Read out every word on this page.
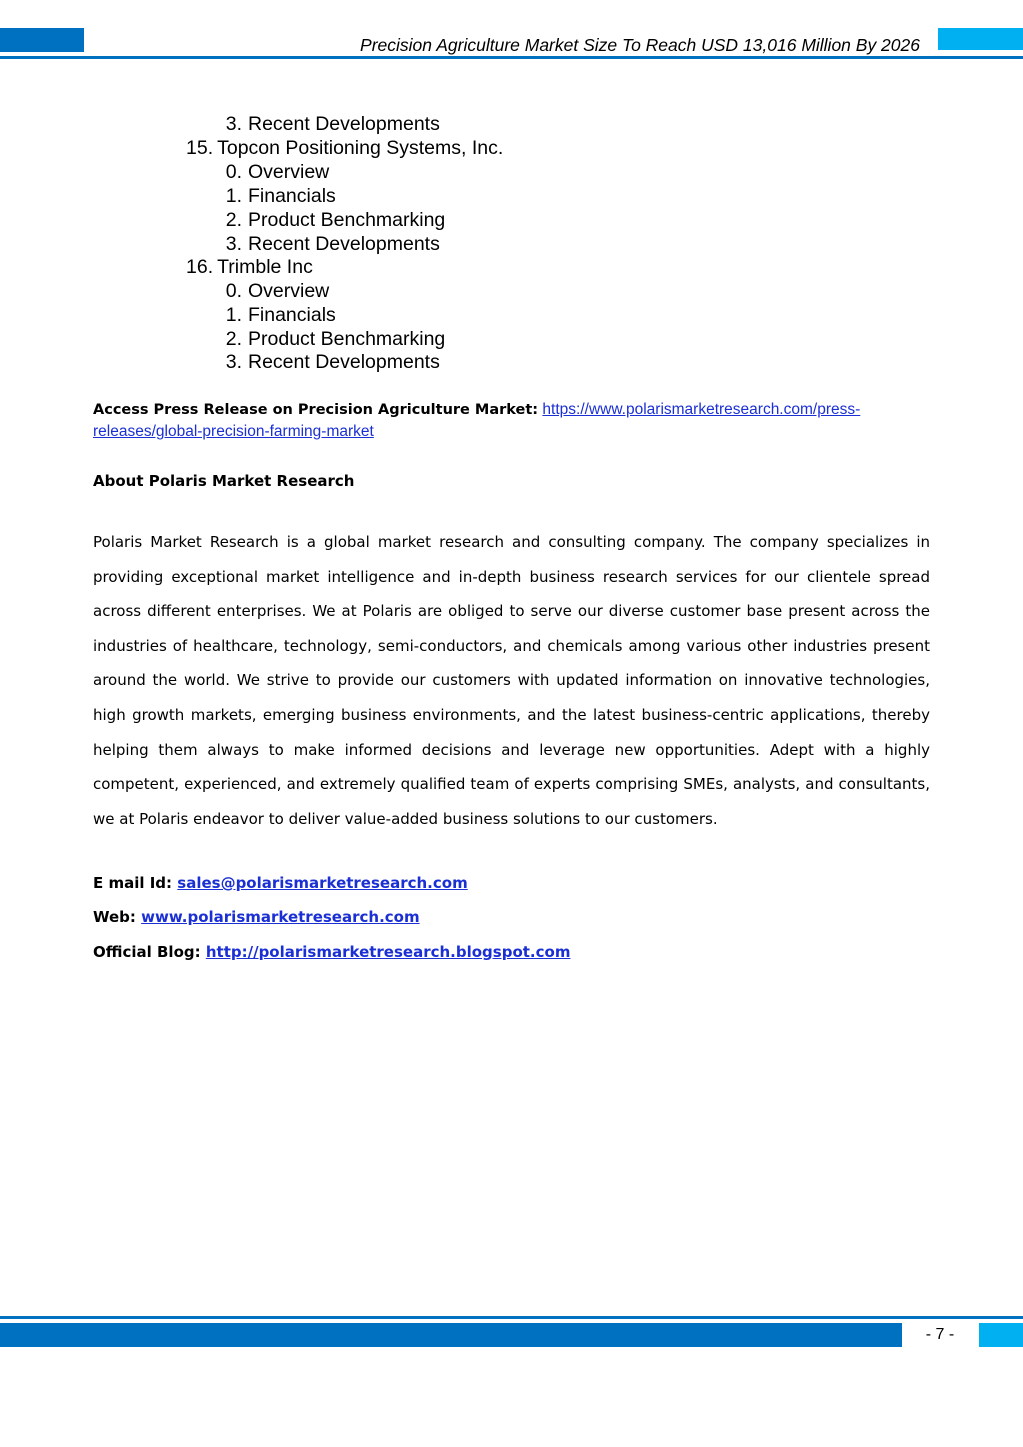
Precision Agriculture Market Size To Reach USD 13,016 Million By 2026
3. Recent Developments
15. Topcon Positioning Systems, Inc.
0. Overview
1. Financials
2. Product Benchmarking
3. Recent Developments
16. Trimble Inc
0. Overview
1. Financials
2. Product Benchmarking
3. Recent Developments
Access Press Release on Precision Agriculture Market: https://www.polarismarketresearch.com/press-
releases/global-precision-farming-market
About Polaris Market Research

Polaris Market Research is a global market research and consulting company. The company specializes in providing exceptional market intelligence and in-depth business research services for our clientele spread across different enterprises. We at Polaris are obliged to serve our diverse customer base present across the industries of healthcare, technology, semi-conductors, and chemicals among various other industries present around the world. We strive to provide our customers with updated information on innovative technologies, high growth markets, emerging business environments, and the latest business-centric applications, thereby helping them always to make informed decisions and leverage new opportunities. Adept with a highly competent, experienced, and extremely qualified team of experts comprising SMEs, analysts, and consultants, we at Polaris endeavor to deliver value-added business solutions to our customers.

E mail Id: sales@polarismarketresearch.com
Web: www.polarismarketresearch.com
Official Blog: http://polarismarketresearch.blogspot.com
- 7 -
